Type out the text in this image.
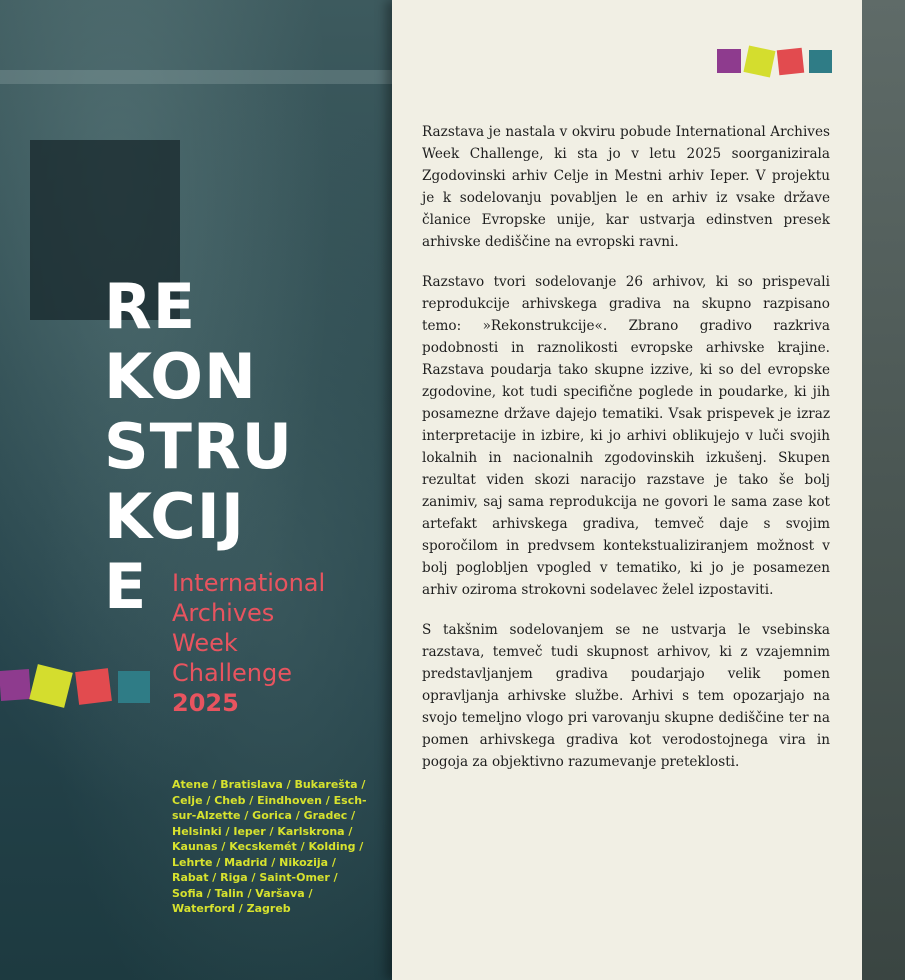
RE
KON
STRU
KCIJ
E	International
Archives
Week
Challenge
2025
Atene / Bratislava / Bukarešta / Celje / Cheb / Eindhoven / Esch-sur-Alzette / Gorica / Gradec / Helsinki / Ieper / Karlskrona / Kaunas / Kecskemét / Kolding / Lehrte / Madrid / Nikozija / Rabat / Riga / Saint-Omer / Sofia / Talin / Varšava / Waterford / Zagreb

Razstava je nastala v okviru pobude International Archives Week Challenge, ki sta jo v letu 2025 soorganizirala Zgodovinski arhiv Celje in Mestni arhiv Ieper. V projektu je k sodelovanju povabljen le en arhiv iz vsake države članice Evropske unije, kar ustvarja edinstven presek arhivske dediščine na evropski ravni.

Razstavo tvori sodelovanje 26 arhivov, ki so prispevali reprodukcije arhivskega gradiva na skupno razpisano temo: »Rekonstrukcije«. Zbrano gradivo razkriva podobnosti in raznolikosti evropske arhivske krajine. Razstava poudarja tako skupne izzive, ki so del evropske zgodovine, kot tudi specifične poglede in poudarke, ki jih posamezne države dajejo tematiki. Vsak prispevek je izraz interpretacije in izbire, ki jo arhivi oblikujejo v luči svojih lokalnih in nacionalnih zgodovinskih izkušenj. Skupen rezultat viden skozi naracijo razstave je tako še bolj zanimiv, saj sama reprodukcija ne govori le sama zase kot artefakt arhivskega gradiva, temveč daje s svojim sporočilom in predvsem kontekstualiziranjem možnost v bolj poglobljen vpogled v tematiko, ki jo je posamezen arhiv oziroma strokovni sodelavec želel izpostaviti.

S takšnim sodelovanjem se ne ustvarja le vsebinska razstava, temveč tudi skupnost arhivov, ki z vzajemnim predstavljanjem gradiva poudarjajo velik pomen opravljanja arhivske službe. Arhivi s tem opozarjajo na svojo temeljno vlogo pri varovanju skupne dediščine ter na pomen arhivskega gradiva kot verodostojnega vira in pogoja za objektivno razumevanje preteklosti.
